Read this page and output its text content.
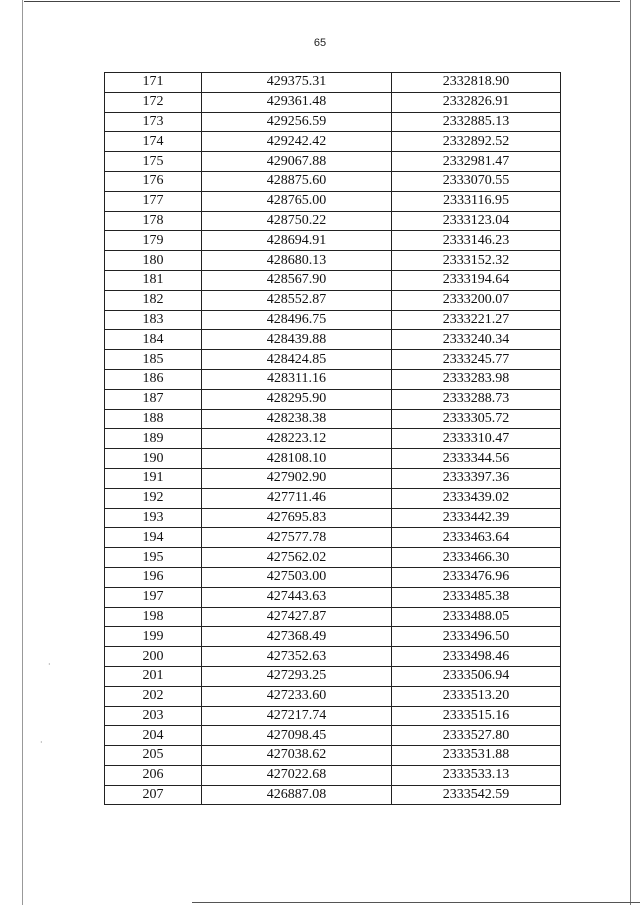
·
·
65
171	429375.31	2332818.90
172	429361.48	2332826.91
173	429256.59	2332885.13
174	429242.42	2332892.52
175	429067.88	2332981.47
176	428875.60	2333070.55
177	428765.00	2333116.95
178	428750.22	2333123.04
179	428694.91	2333146.23
180	428680.13	2333152.32
181	428567.90	2333194.64
182	428552.87	2333200.07
183	428496.75	2333221.27
184	428439.88	2333240.34
185	428424.85	2333245.77
186	428311.16	2333283.98
187	428295.90	2333288.73
188	428238.38	2333305.72
189	428223.12	2333310.47
190	428108.10	2333344.56
191	427902.90	2333397.36
192	427711.46	2333439.02
193	427695.83	2333442.39
194	427577.78	2333463.64
195	427562.02	2333466.30
196	427503.00	2333476.96
197	427443.63	2333485.38
198	427427.87	2333488.05
199	427368.49	2333496.50
200	427352.63	2333498.46
201	427293.25	2333506.94
202	427233.60	2333513.20
203	427217.74	2333515.16
204	427098.45	2333527.80
205	427038.62	2333531.88
206	427022.68	2333533.13
207	426887.08	2333542.59
